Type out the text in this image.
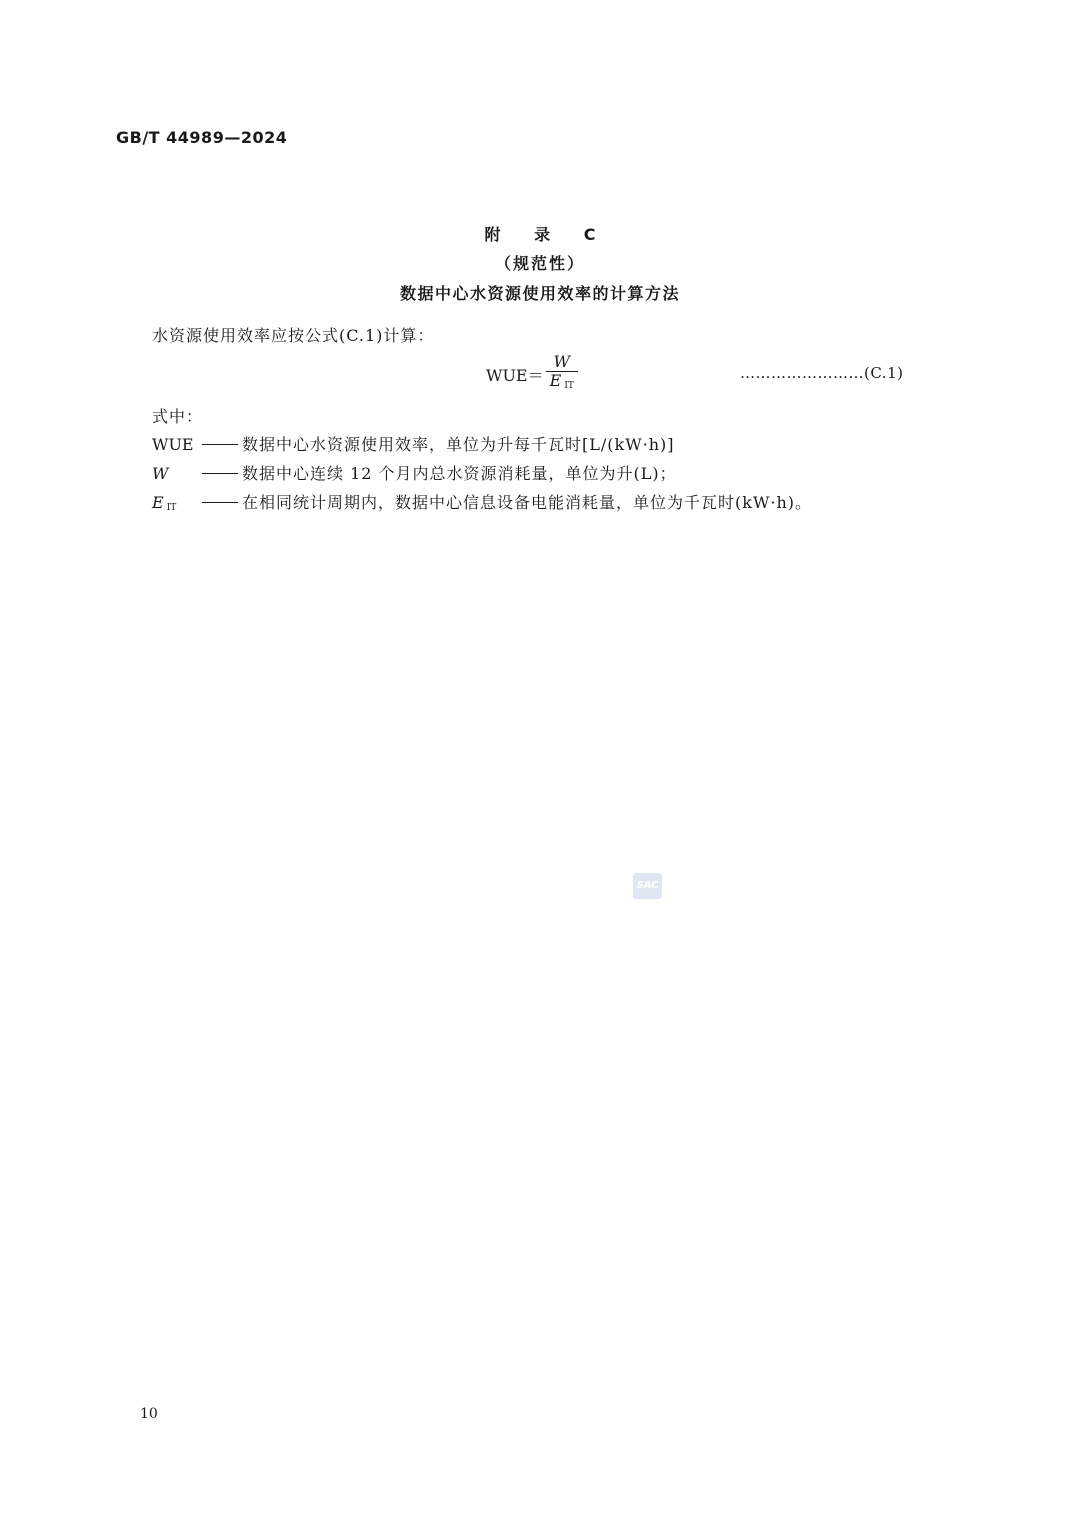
GB/T 44989—2024
附 录 C
（规范性）
数据中心水资源使用效率的计算方法
水资源使用效率应按公式(C.1)计算：
$WUE= \frac{W}{E _{IT}}$	……………………(C.1)
式中：
WUE	数据中心水资源使用效率，单位为升每千瓦时[L/(kW·h)]
W	数据中心连续 12 个月内总水资源消耗量，单位为升(L)；
E $_{IT}$	在相同统计周期内，数据中心信息设备电能消耗量，单位为千瓦时(kW·h)。
SAC
10
